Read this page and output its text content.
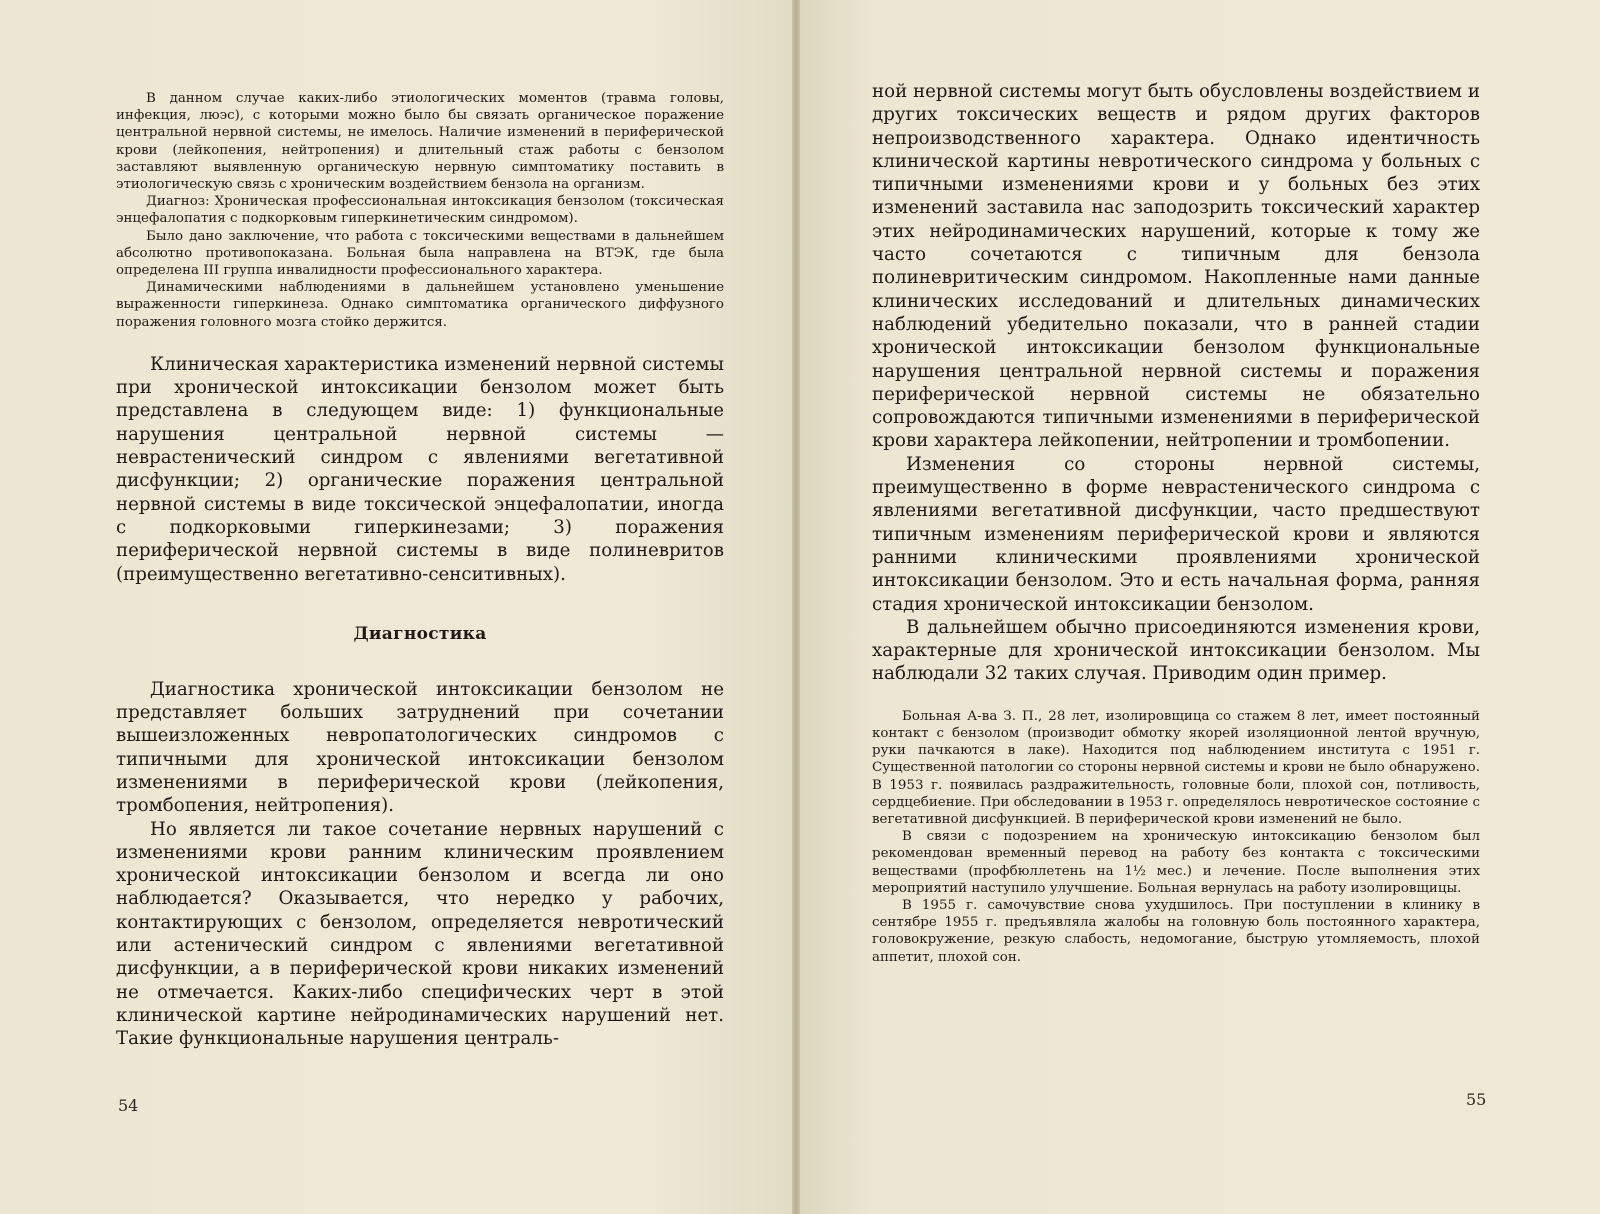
В данном случае каких-либо этиологических моментов (травма головы, инфекция, люэс), с которыми можно было бы связать органическое поражение центральной нервной системы, не имелось. Наличие изменений в периферической крови (лейкопения, нейтропения) и длительный стаж работы с бензолом заставляют выявленную органическую нервную симптоматику поставить в этиологическую связь с хроническим воздействием бензола на организм.

Диагноз: Хроническая профессиональная интоксикация бензолом (токсическая энцефалопатия с подкорковым гиперкинетическим синдромом).

Было дано заключение, что работа с токсическими веществами в дальнейшем абсолютно противопоказана. Больная была направлена на ВТЭК, где была определена III группа инвалидности профессионального характера.

Динамическими наблюдениями в дальнейшем установлено уменьшение выраженности гиперкинеза. Однако симптоматика органического диффузного поражения головного мозга стойко держится.

Клиническая характеристика изменений нервной системы при хронической интоксикации бензолом может быть представлена в следующем виде: 1) функциональные нарушения центральной нервной системы — неврастенический синдром с явлениями вегетативной дисфункции; 2) органические поражения центральной нервной системы в виде токсической энцефалопатии, иногда с подкорковыми гиперкинезами; 3) поражения периферической нервной системы в виде полиневритов (преимущественно вегетативно-сенситивных).

Диагностика

Диагностика хронической интоксикации бензолом не представляет больших затруднений при сочетании вышеизложенных невропатологических синдромов с типичными для хронической интоксикации бензолом изменениями в периферической крови (лейкопения, тромбопения, нейтропения).

Но является ли такое сочетание нервных нарушений с изменениями крови ранним клиническим проявлением хронической интоксикации бензолом и всегда ли оно наблюдается? Оказывается, что нередко у рабочих, контактирующих с бензолом, определяется невротический или астенический синдром с явлениями вегетативной дисфункции, а в периферической крови никаких изменений не отмечается. Каких-либо специфических черт в этой клинической картине нейродинамических нарушений нет. Такие функциональные нарушения централь-

54

ной нервной системы могут быть обусловлены воздействием и других токсических веществ и рядом других факторов непроизводственного характера. Однако идентичность клинической картины невротического синдрома у больных с типичными изменениями крови и у больных без этих изменений заставила нас заподозрить токсический характер этих нейродинамических нарушений, которые к тому же часто сочетаются с типичным для бензола полиневритическим синдромом. Накопленные нами данные клинических исследований и длительных динамических наблюдений убедительно показали, что в ранней стадии хронической интоксикации бензолом функциональные нарушения центральной нервной системы и поражения периферической нервной системы не обязательно сопровождаются типичными изменениями в периферической крови характера лейкопении, нейтропении и тромбопении.

Изменения со стороны нервной системы, преимущественно в форме неврастенического синдрома с явлениями вегетативной дисфункции, часто предшествуют типичным изменениям периферической крови и являются ранними клиническими проявлениями хронической интоксикации бензолом. Это и есть начальная форма, ранняя стадия хронической интоксикации бензолом.

В дальнейшем обычно присоединяются изменения крови, характерные для хронической интоксикации бензолом. Мы наблюдали 32 таких случая. Приводим один пример.

Больная А-ва З. П., 28 лет, изолировщица со стажем 8 лет, имеет постоянный контакт с бензолом (производит обмотку якорей изоляционной лентой вручную, руки пачкаются в лаке). Находится под наблюдением института с 1951 г. Существенной патологии со стороны нервной системы и крови не было обнаружено. В 1953 г. появилась раздражительность, головные боли, плохой сон, потливость, сердцебиение. При обследовании в 1953 г. определялось невротическое состояние с вегетативной дисфункцией. В периферической крови изменений не было.

В связи с подозрением на хроническую интоксикацию бензолом был рекомендован временный перевод на работу без контакта с токсическими веществами (профбюллетень на 1½ мес.) и лечение. После выполнения этих мероприятий наступило улучшение. Больная вернулась на работу изолировщицы.

В 1955 г. самочувствие снова ухудшилось. При поступлении в клинику в сентябре 1955 г. предъявляла жалобы на головную боль постоянного характера, головокружение, резкую слабость, недомогание, быструю утомляемость, плохой аппетит, плохой сон.

55
